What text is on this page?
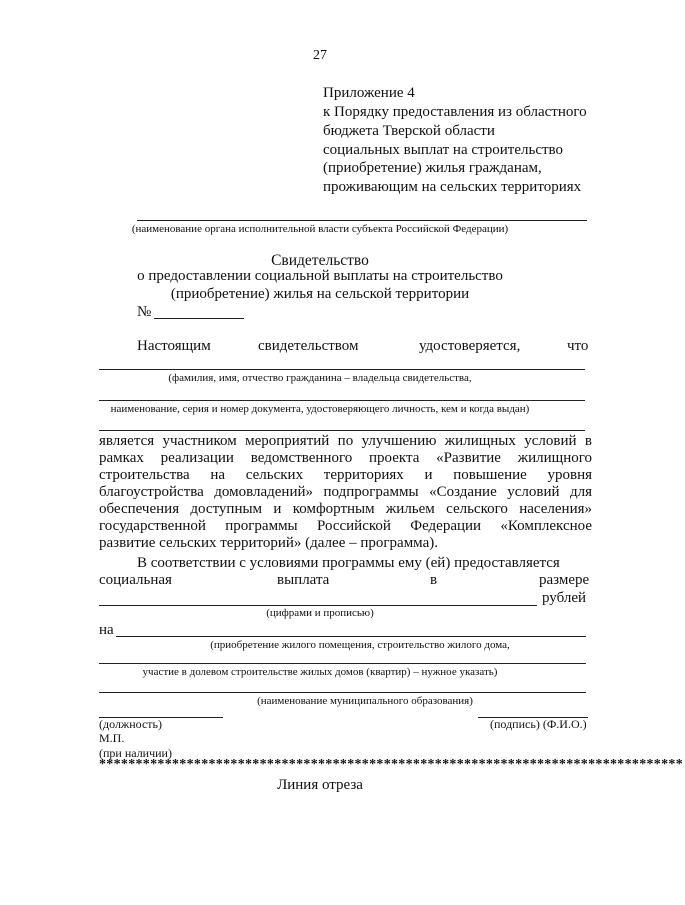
27
Приложение 4
к Порядку предоставления из областного
бюджета Тверской области
социальных выплат на строительство
(приобретение) жилья гражданам,
проживающим на сельских территориях
(наименование органа исполнительной власти субъекта Российской Федерации)
Свидетельство
о предоставлении социальной выплаты на строительство
(приобретение) жилья на сельской территории
№
Настоящим	свидетельством	удостоверяется,	что
(фамилия, имя, отчество гражданина – владельца свидетельства,
наименование, серия и номер документа, удостоверяющего личность, кем и когда выдан)
является участником мероприятий по улучшению жилищных условий в
рамках реализации ведомственного проекта «Развитие жилищного
строительства на сельских территориях и повышение уровня
благоустройства домовладений» подпрограммы «Создание условий для
обеспечения доступным и комфортным жильем сельского населения»
государственной программы Российской Федерации «Комплексное
развитие сельских территорий» (далее – программа).
В соответствии с условиями программы ему (ей) предоставляется
социальная	выплата	в	размере
рублей
(цифрами и прописью)
на
(приобретение жилого помещения, строительство жилого дома,
участие в долевом строительстве жилых домов (квартир) – нужное указать)
(наименование муниципального образования)
(должность)	(подпись) (Ф.И.О.)
М.П.
(при наличии)
********************************************************************************
Линия отреза
